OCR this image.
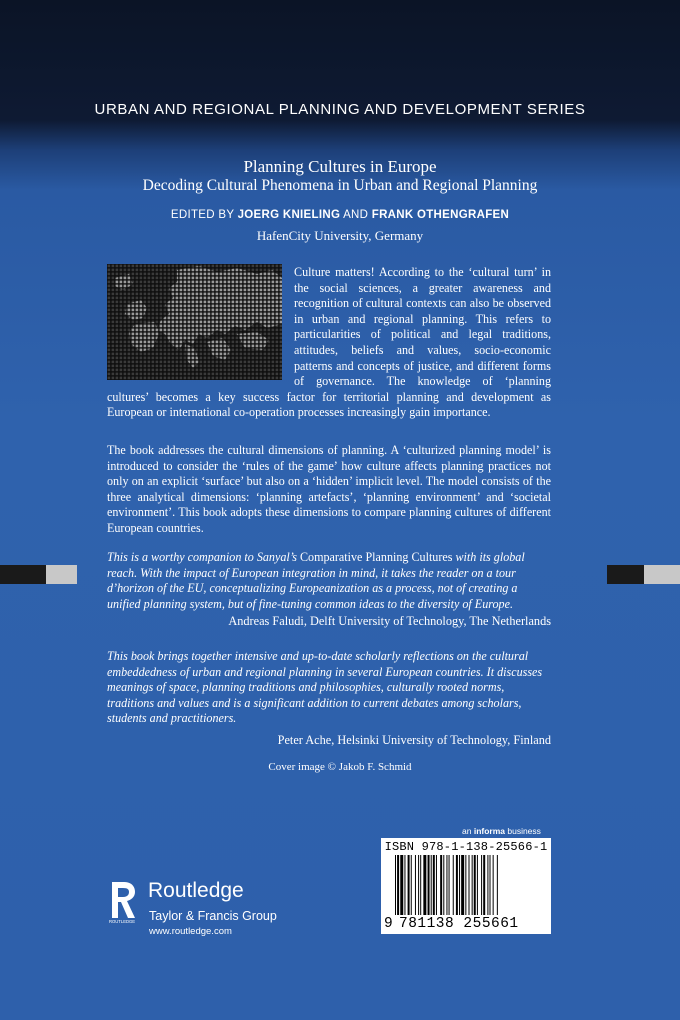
URBAN AND REGIONAL PLANNING AND DEVELOPMENT SERIES
Planning Cultures in Europe
Decoding Cultural Phenomena in Urban and Regional Planning
EDITED BY JOERG KNIELING AND FRANK OTHENGRAFEN
HafenCity University, Germany

Culture matters! According to the ‘cultural turn’ in the social sciences, a greater awareness and recognition of cultural contexts can also be observed in urban and regional planning. This refers to particularities of political and legal traditions, attitudes, beliefs and values, socio-economic patterns and concepts of justice, and different forms of governance. The knowledge of ‘planning cultures’ becomes a key success factor for territorial planning and development as European or international co-operation processes increasingly gain importance.

The book addresses the cultural dimensions of planning. A ‘culturized planning model’ is introduced to consider the ‘rules of the game’ how culture affects planning practices not only on an explicit ‘surface’ but also on a ‘hidden’ implicit level. The model consists of the three analytical dimensions: ‘planning artefacts’, ‘planning environment’ and ‘societal environment’. This book adopts these dimensions to compare planning cultures of different European countries.

This is a worthy companion to Sanyal’s Comparative Planning Cultures with its global reach. With the impact of European integration in mind, it takes the reader on a tour d’horizon of the EU, conceptualizing Europeanization as a process, not of creating a unified planning system, but of fine-tuning common ideas to the diversity of Europe.

Andreas Faludi, Delft University of Technology, The Netherlands

This book brings together intensive and up-to-date scholarly reflections on the cultural embeddedness of urban and regional planning in several European countries. It discusses meanings of space, planning traditions and philosophies, culturally rooted norms, traditions and values and is a significant addition to current debates among scholars, students and practitioners.

Peter Ache, Helsinki University of Technology, Finland
Cover image © Jakob F. Schmid
an informa business
ISBN 978-1-138-25566-1
9 781138 255661
ROUTLEDGE
Routledge
Taylor & Francis Group
www.routledge.com
